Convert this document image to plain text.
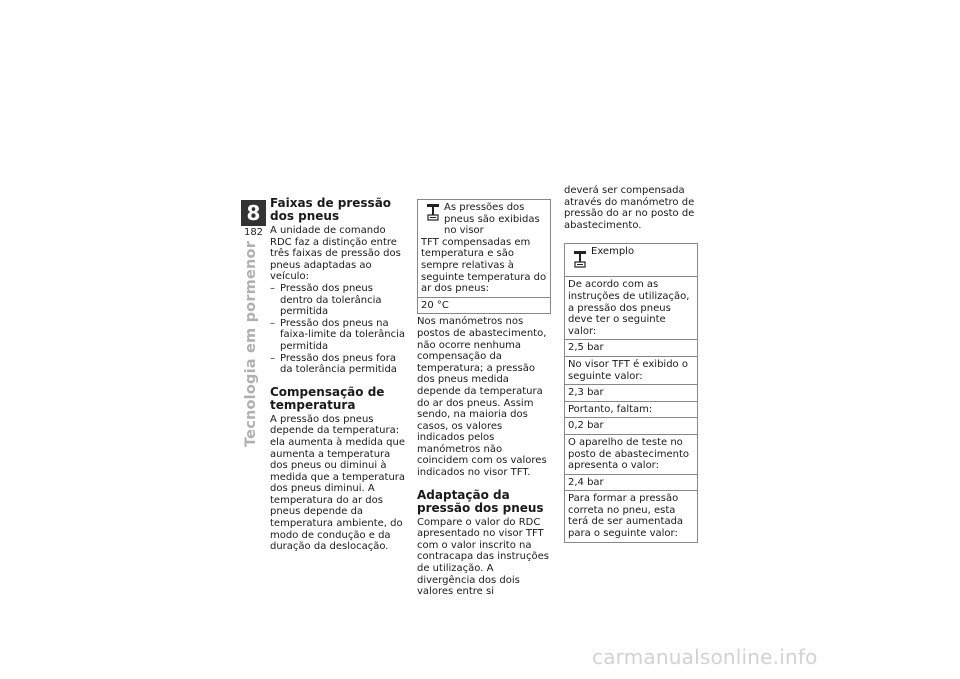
8
182
Tecnologia em pormenor
Faixas de pressão dos pneus

A unidade de comando RDC faz a distinção entre três faixas de pressão dos pneus adaptadas ao veículo:

– Pressão dos pneus dentro da tolerância permitida
– Pressão dos pneus na faixa-limite da tolerância permitida
– Pressão dos pneus fora da tolerância permitida
Compensação de temperatura

A pressão dos pneus depende da temperatura: ela aumenta à medida que aumenta a temperatura dos pneus ou diminui à medida que a temperatura dos pneus diminui. A temperatura do ar dos pneus depende da temperatura ambiente, do modo de condução e da duração da deslocação.

As pressões dos pneus são exibidas no visor
TFT compensadas em temperatura e são sempre relativas à seguinte temperatura do ar dos pneus:
20 °C

Nos manómetros nos postos de abastecimento, não ocorre nenhuma compensação da temperatura; a pressão dos pneus medida depende da temperatura do ar dos pneus. Assim sendo, na maioria dos casos, os valores indicados pelos manómetros não coincidem com os valores indicados no visor TFT.

Adaptação da pressão dos pneus

Compare o valor do RDC apresentado no visor TFT com o valor inscrito na contracapa das instruções de utilização. A divergência dos dois valores entre si

deverá ser compensada através do manómetro de pressão do ar no posto de abastecimento.

Exemplo
De acordo com as instruções de utilização, a pressão dos pneus deve ter o seguinte valor:
2,5 bar
No visor TFT é exibido o seguinte valor:
2,3 bar
Portanto, faltam:
0,2 bar
O aparelho de teste no posto de abastecimento apresenta o valor:
2,4 bar
Para formar a pressão correta no pneu, esta terá de ser aumentada para o seguinte valor:
carmanualsonline.info
